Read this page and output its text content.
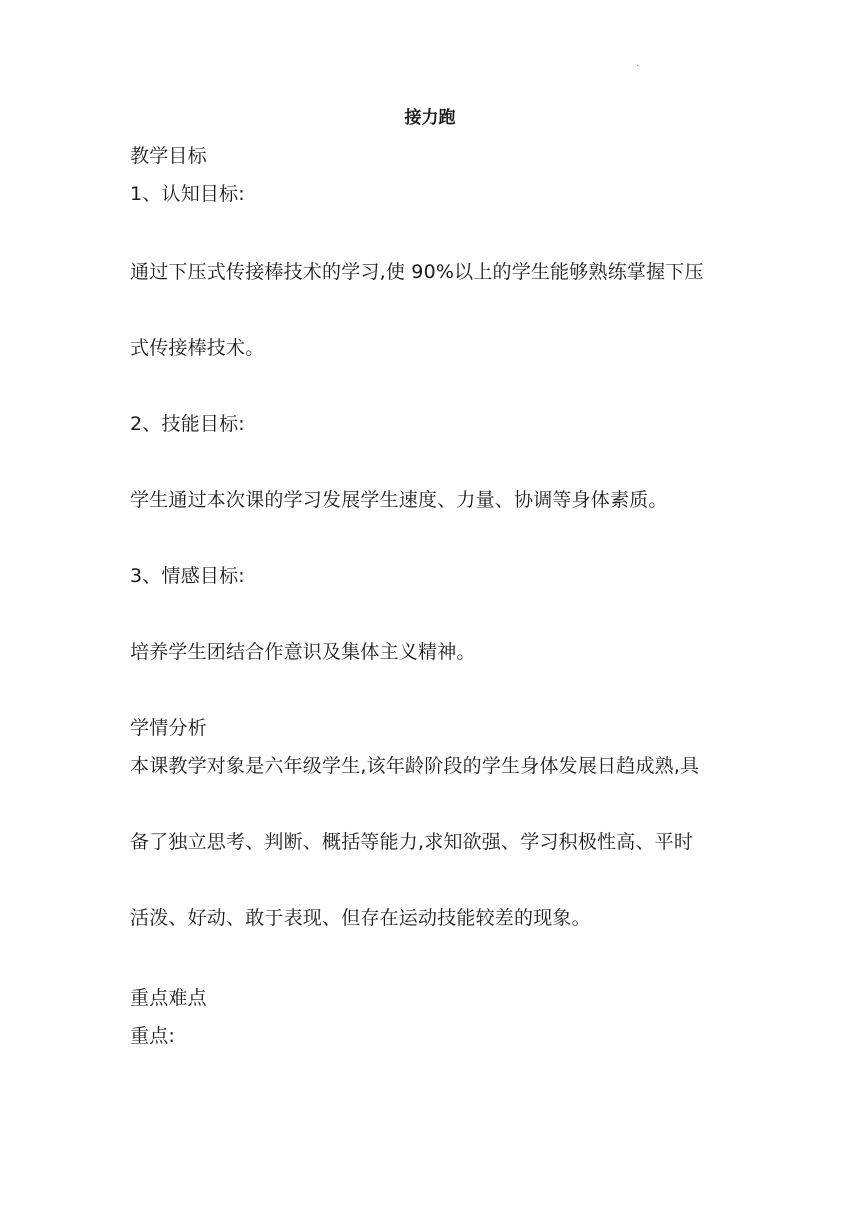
.
接力跑
教学目标
1、认知目标:
通过下压式传接棒技术的学习,使 90%以上的学生能够熟练掌握下压
式传接棒技术。
2、技能目标:
学生通过本次课的学习发展学生速度、力量、协调等身体素质。
3、情感目标:
培养学生团结合作意识及集体主义精神。
学情分析
本课教学对象是六年级学生,该年龄阶段的学生身体发展日趋成熟,具
备了独立思考、判断、概括等能力,求知欲强、学习积极性高、平时
活泼、好动、敢于表现、但存在运动技能较差的现象。
重点难点
重点:
